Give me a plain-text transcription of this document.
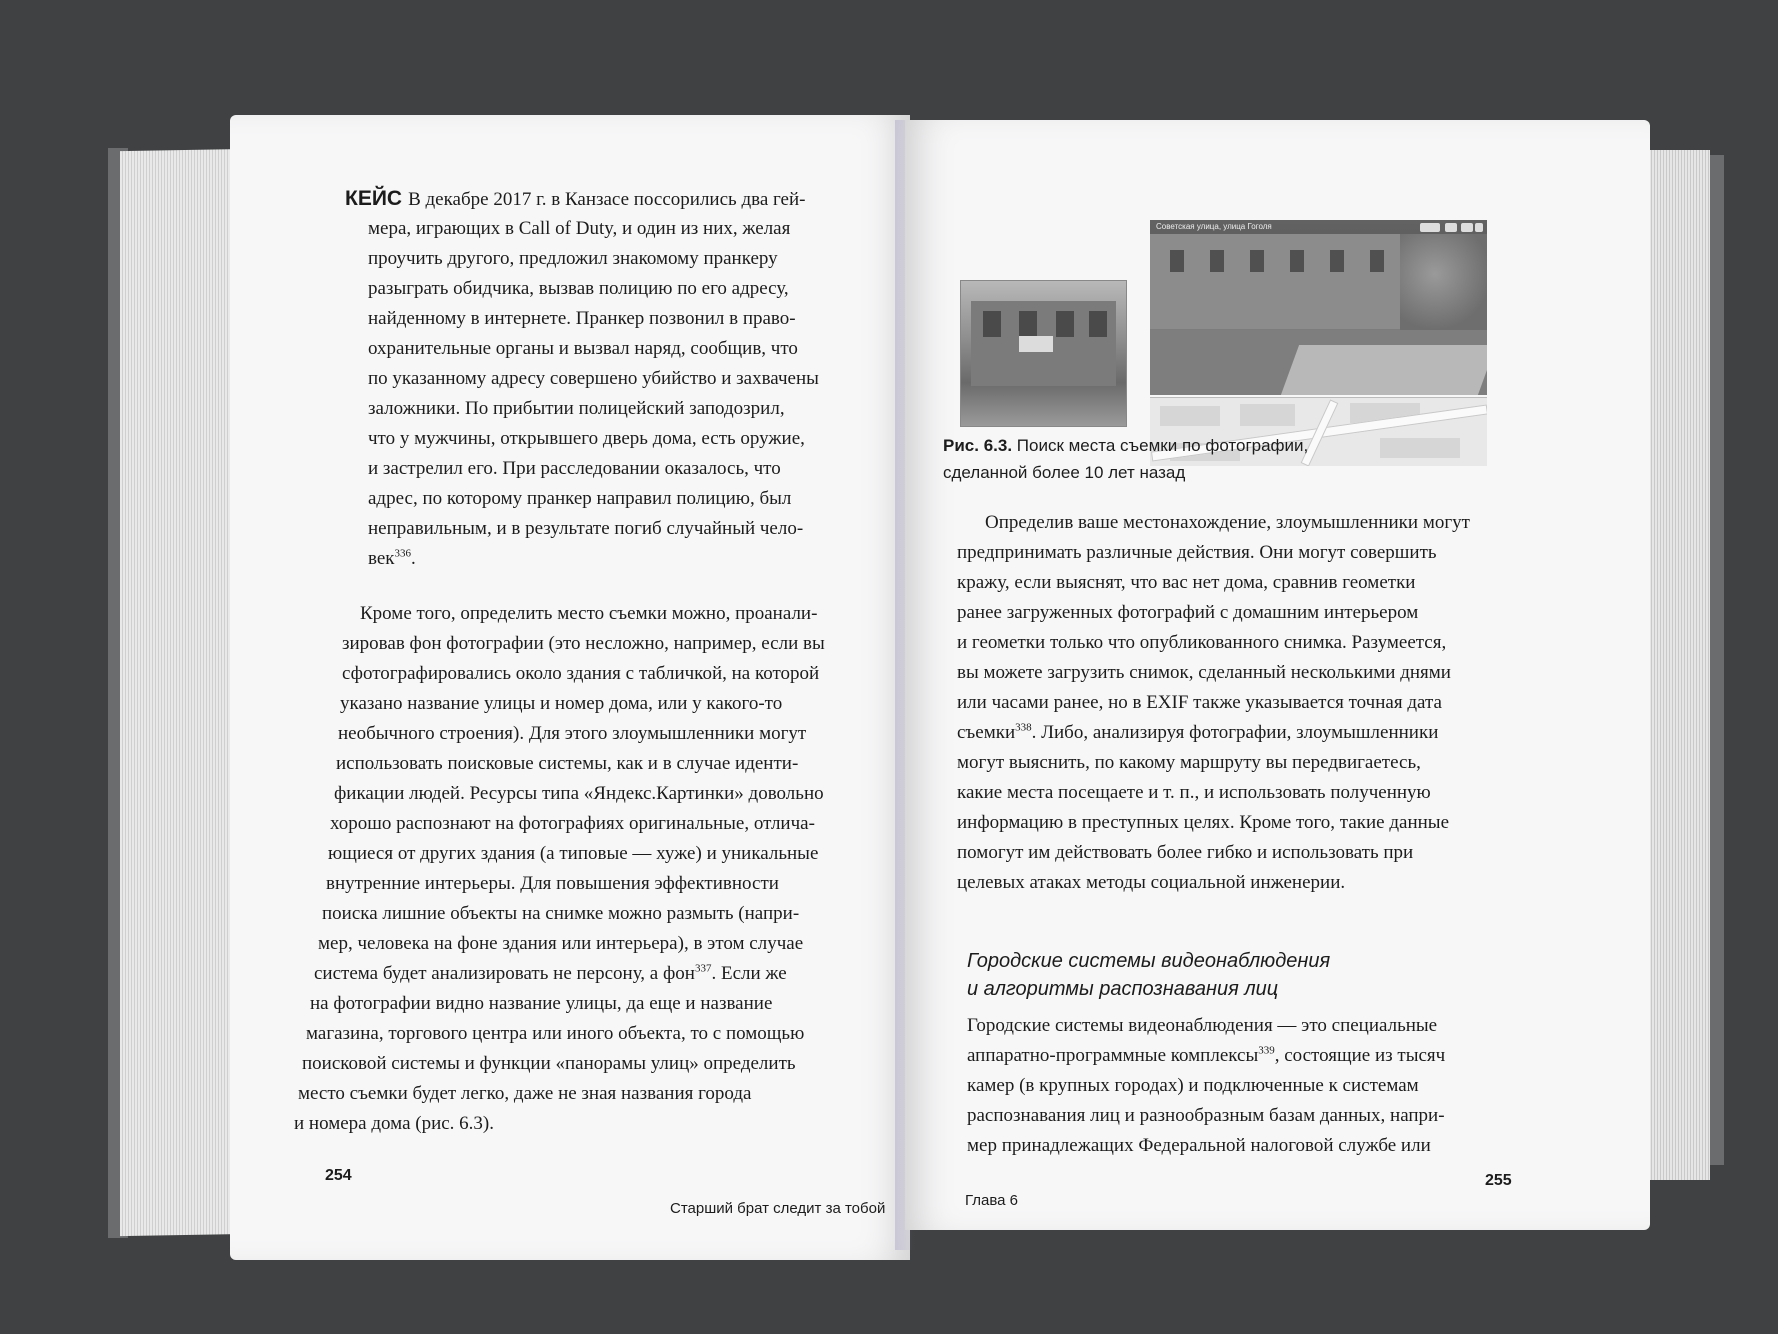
КЕЙС В декабре 2017 г. в Канзасе поссорились два гей-
мера, играющих в Call of Duty, и один из них, желая
проучить другого, предложил знакомому пранкеру
разыграть обидчика, вызвав полицию по его адресу,
найденному в интернете. Пранкер позвонил в право-
охранительные органы и вызвал наряд, сообщив, что
по указанному адресу совершено убийство и захвачены
заложники. По прибытии полицейский заподозрил,
что у мужчины, открывшего дверь дома, есть оружие,
и застрелил его. При расследовании оказалось, что
адрес, по которому пранкер направил полицию, был
неправильным, и в результате погиб случайный чело-
век$^{336}$.
Кроме того, определить место съемки можно, проанали-
зировав фон фотографии (это несложно, например, если вы
сфотографировались около здания с табличкой, на которой
указано название улицы и номер дома, или у какого-то
необычного строения). Для этого злоумышленники могут
использовать поисковые системы, как и в случае иденти-
фикации людей. Ресурсы типа «Яндекс.Картинки» довольно
хорошо распознают на фотографиях оригинальные, отлича-
ющиеся от других здания (а типовые — хуже) и уникальные
внутренние интерьеры. Для повышения эффективности
поиска лишние объекты на снимке можно размыть (напри-
мер, человека на фоне здания или интерьера), в этом случае
система будет анализировать не персону, а фон$^{337}$. Если же
на фотографии видно название улицы, да еще и название
магазина, торгового центра или иного объекта, то с помощью
поисковой системы и функции «панорамы улиц» определить
место съемки будет легко, даже не зная названия города
и номера дома (рис. 6.3).
254
Старший брат следит за тобой
Советская улица, улица Гоголя
Рис. 6.3. Поиск места съемки по фотографии,
сделанной более 10 лет назад
Определив ваше местонахождение, злоумышленники могут
предпринимать различные действия. Они могут совершить
кражу, если выяснят, что вас нет дома, сравнив геометки
ранее загруженных фотографий с домашним интерьером
и геометки только что опубликованного снимка. Разумеется,
вы можете загрузить снимок, сделанный несколькими днями
или часами ранее, но в EXIF также указывается точная дата
съемки$^{338}$. Либо, анализируя фотографии, злоумышленники
могут выяснить, по какому маршруту вы передвигаетесь,
какие места посещаете и т. п., и использовать полученную
информацию в преступных целях. Кроме того, такие данные
помогут им действовать более гибко и использовать при
целевых атаках методы социальной инженерии.
Городские системы видеонаблюдения
и алгоритмы распознавания лиц
Городские системы видеонаблюдения — это специальные
аппаратно-программные комплексы$^{339}$, состоящие из тысяч
камер (в крупных городах) и подключенные к системам
распознавания лиц и разнообразным базам данных, напри-
мер принадлежащих Федеральной налоговой службе или
Глава 6
255
